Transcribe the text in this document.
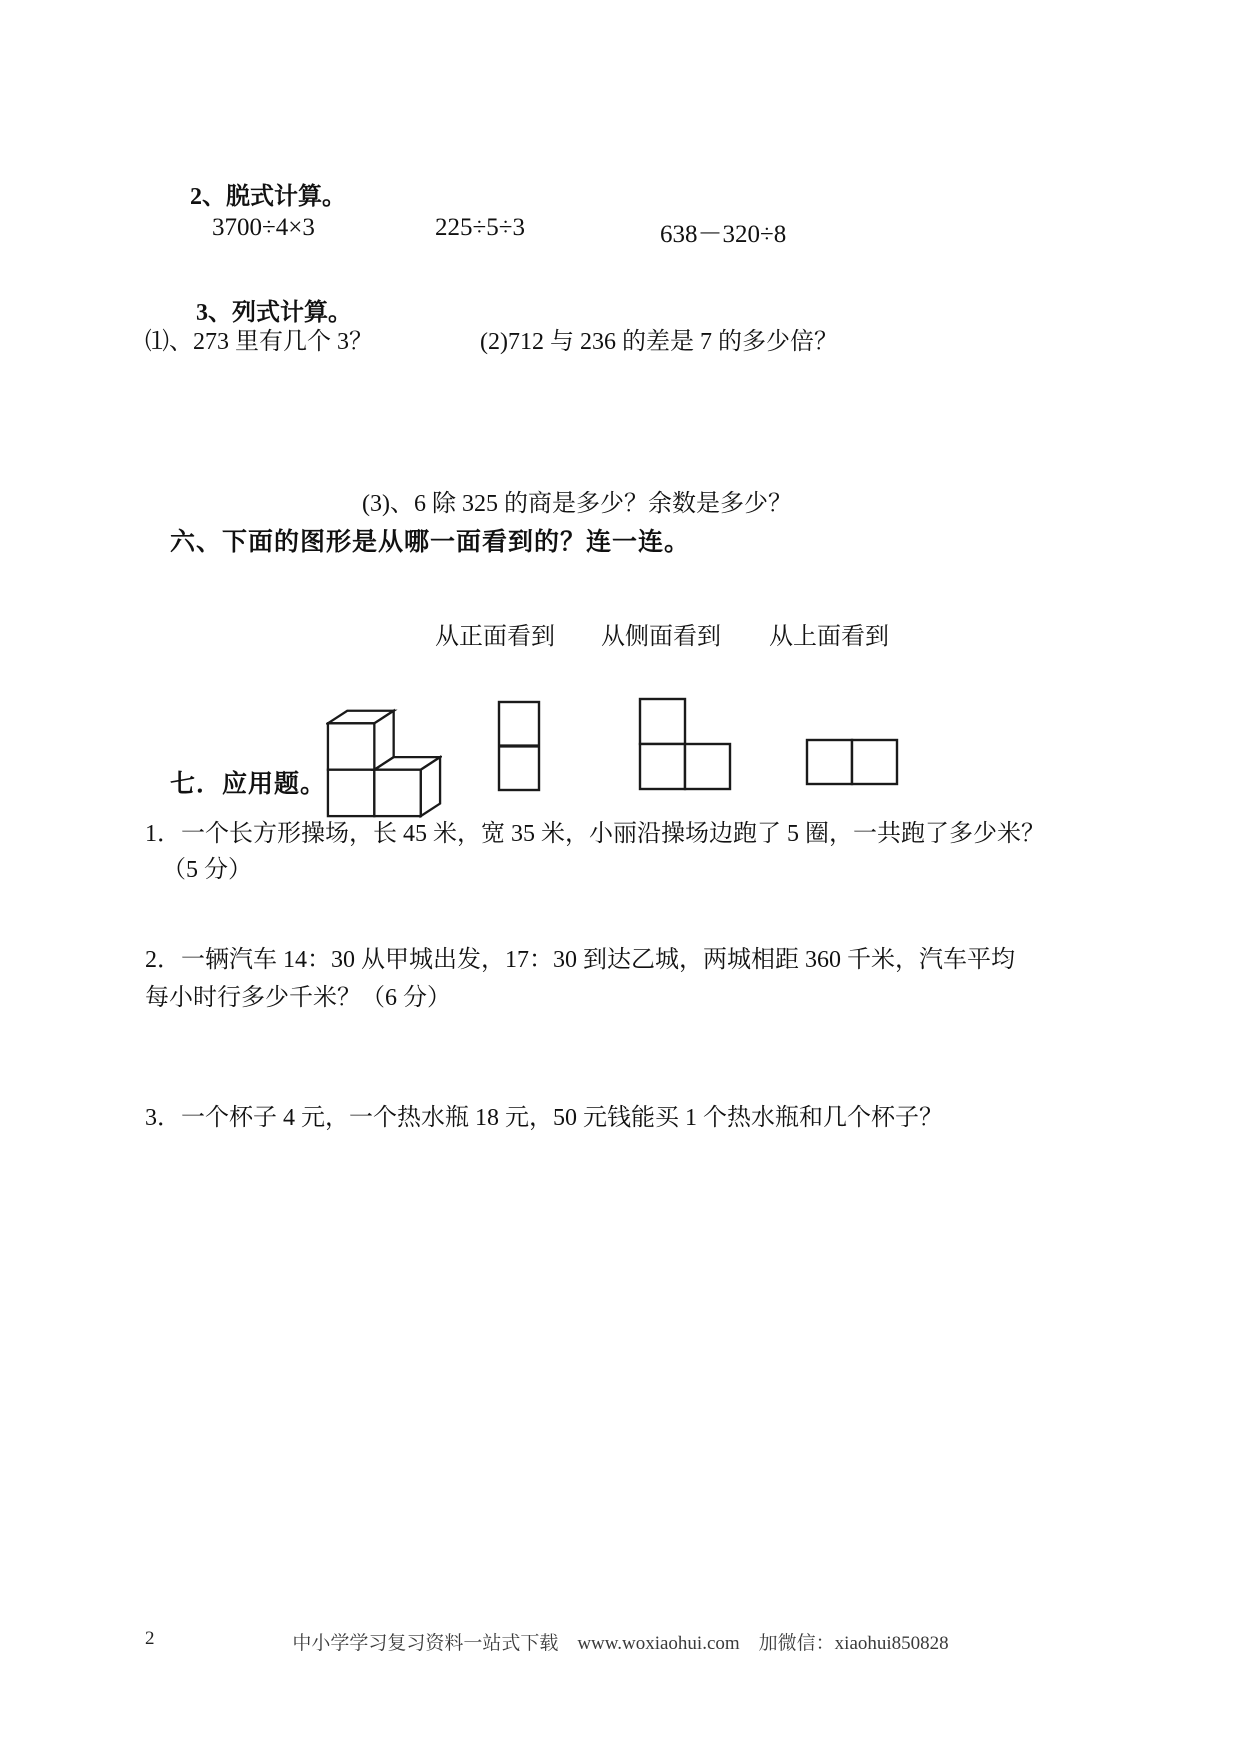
2、脱式计算。
3700÷4×3	225÷5÷3	638－320÷8
3、列式计算。
⑴、273 里有几个 3？	(2)712 与 236 的差是 7 的多少倍？
(3)、6 除 325 的商是多少？余数是多少？
六、下面的图形是从哪一面看到的？连一连。
从正面看到 从侧面看到 从上面看到
七．应用题。
1．一个长方形操场，长 45 米，宽 35 米，小丽沿操场边跑了 5 圈，一共跑了多少米？
（5 分）
2．一辆汽车 14：30 从甲城出发，17：30 到达乙城，两城相距 360 千米，汽车平均
每小时行多少千米？（6 分）
3．一个杯子 4 元，一个热水瓶 18 元，50 元钱能买 1 个热水瓶和几个杯子？
2	中小学学习复习资料一站式下载　www.woxiaohui.com　加微信：xiaohui850828
